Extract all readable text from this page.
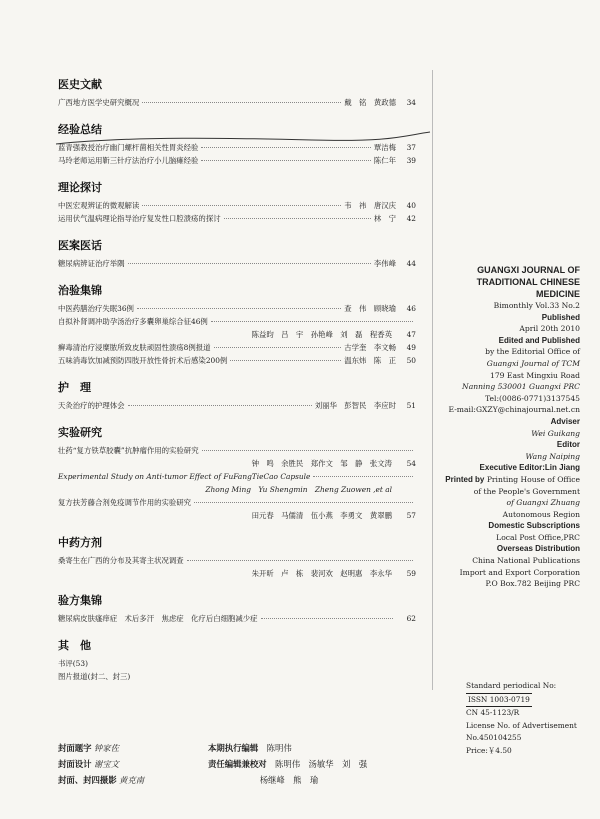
医史文献
广西地方医学史研究概况	戴　铭　黄政德	34
经验总结
蓝青强教授治疗幽门螺杆菌相关性胃炎经验	覃洁梅	37
马玲老师运用靳三针疗法治疗小儿脑瘫经验	陈仁年	39
理论探讨
中医宏观辨证的微观解读	韦　祎　唐汉庆	40
运用伏气温病理论指导治疗复发性口腔溃疡的探讨	林　宁	42
医案医话
糖尿病辨证治疗举隅	李伟峰	44
治验集锦
中医药膳治疗失眠36例	查　伟　顾晓瑜	46
自拟补肾调冲助孕汤治疗多囊卵巢综合征46例
陈益昀　吕　宇　孙艳峰　刘　磊　程香英	47
癣毒清治疗浸糜脓所致皮肤顽固性溃疡8例报道	古学奎　李文畅	49
五味消毒饮加减预防四肢开放性骨折术后感染200例	温东炜　陈　正	50
护　理
天灸治疗的护理体会	刘丽华　彭智民　李应时	51
实验研究
壮药“复方铁草胶囊”抗肿瘤作用的实验研究
钟　鸣　余胜民　郑作文　邹　静　张文涛	54
Experimental Study on Anti-tumor Effect of FuFangTieCao Capsule
Zhong Ming　Yu Shengmin　Zheng Zuowen ,et al
复方扶芳藤合剂免疫调节作用的实验研究
田元春　马儒清　伍小燕　李勇文　黄翠鹏	57
中药方剂
桑寄生在广西的分布及其寄主状况调查
朱开昕　卢　栋　裴河欢　赵明惠　李永华	59
验方集锦
糖尿病皮肤瘙痒症　术后多汗　焦虑症　化疗后白细胞减少症	62
其　他
书评(53)
图片报道(封二、封三)
GUANGXI JOURNAL OF
TRADITIONAL CHINESE
MEDICINE
Bimonthly Vol.33 No.2
Published
April 20th 2010
Edited and Published
by the Editorial Office of
Guangxi Journal of TCM
179 East Mingxiu Road
Nanning 530001 Guangxi PRC
Tel:(0086-0771)3137545
E-mail:GXZY@chinajournal.net.cn
Adviser
Wei Guikang
Editor
Wang Naiping
Executive Editor:Lin Jiang
Printed by Printing House of Office
of the People's Government
of Guangxi Zhuang
Autonomous Region
Domestic Subscriptions
Local Post Office,PRC
Overseas Distribution
China National Publications
Import and Export Corporation
P.O Box.782 Beijing PRC
Standard periodical No:
ISSN 1003-0719
CN 45-1123/R
License No. of Advertisement
No.450104255
Price:￥4.50
封面题字 钟家佐	本期执行编辑　 陈明伟
封面设计 谢宝文	责任编辑兼校对　 陈明伟　汤敏华　刘　强
封面、封四摄影 黄克南	杨继峰　熊　瑜
